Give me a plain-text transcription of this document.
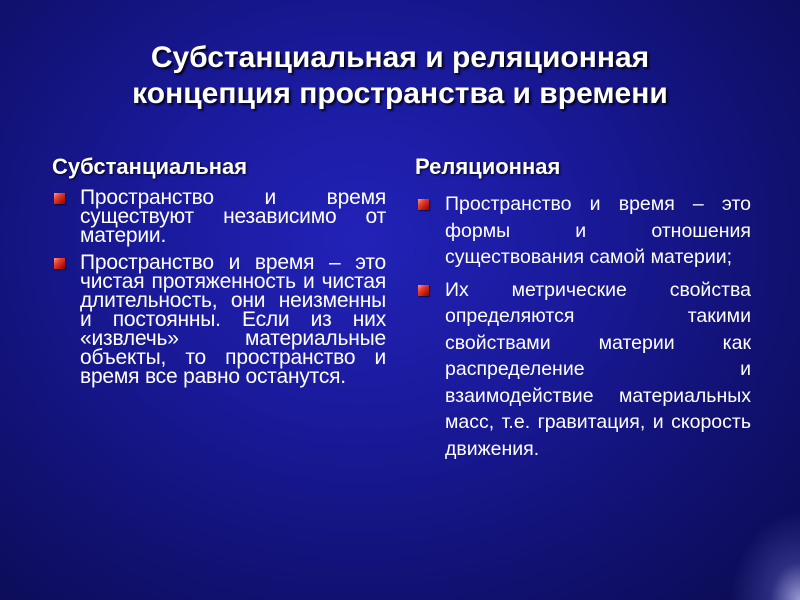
Субстанциальная и реляционная
концепция пространства и времени
Субстанциальная
Пространство и время существуют независимо от материи.
Пространство и время – это чистая протяженность и чистая длительность, они неизменны и постоянны. Если из них «извлечь» материальные объекты, то пространство и время все равно останутся.
Реляционная
Пространство и время – это формы и отношения существования самой материи;
Их метрические свойства определяются такими свойствами материи как распределение и взаимодействие материальных масс, т.е. гравитация, и скорость движения.
